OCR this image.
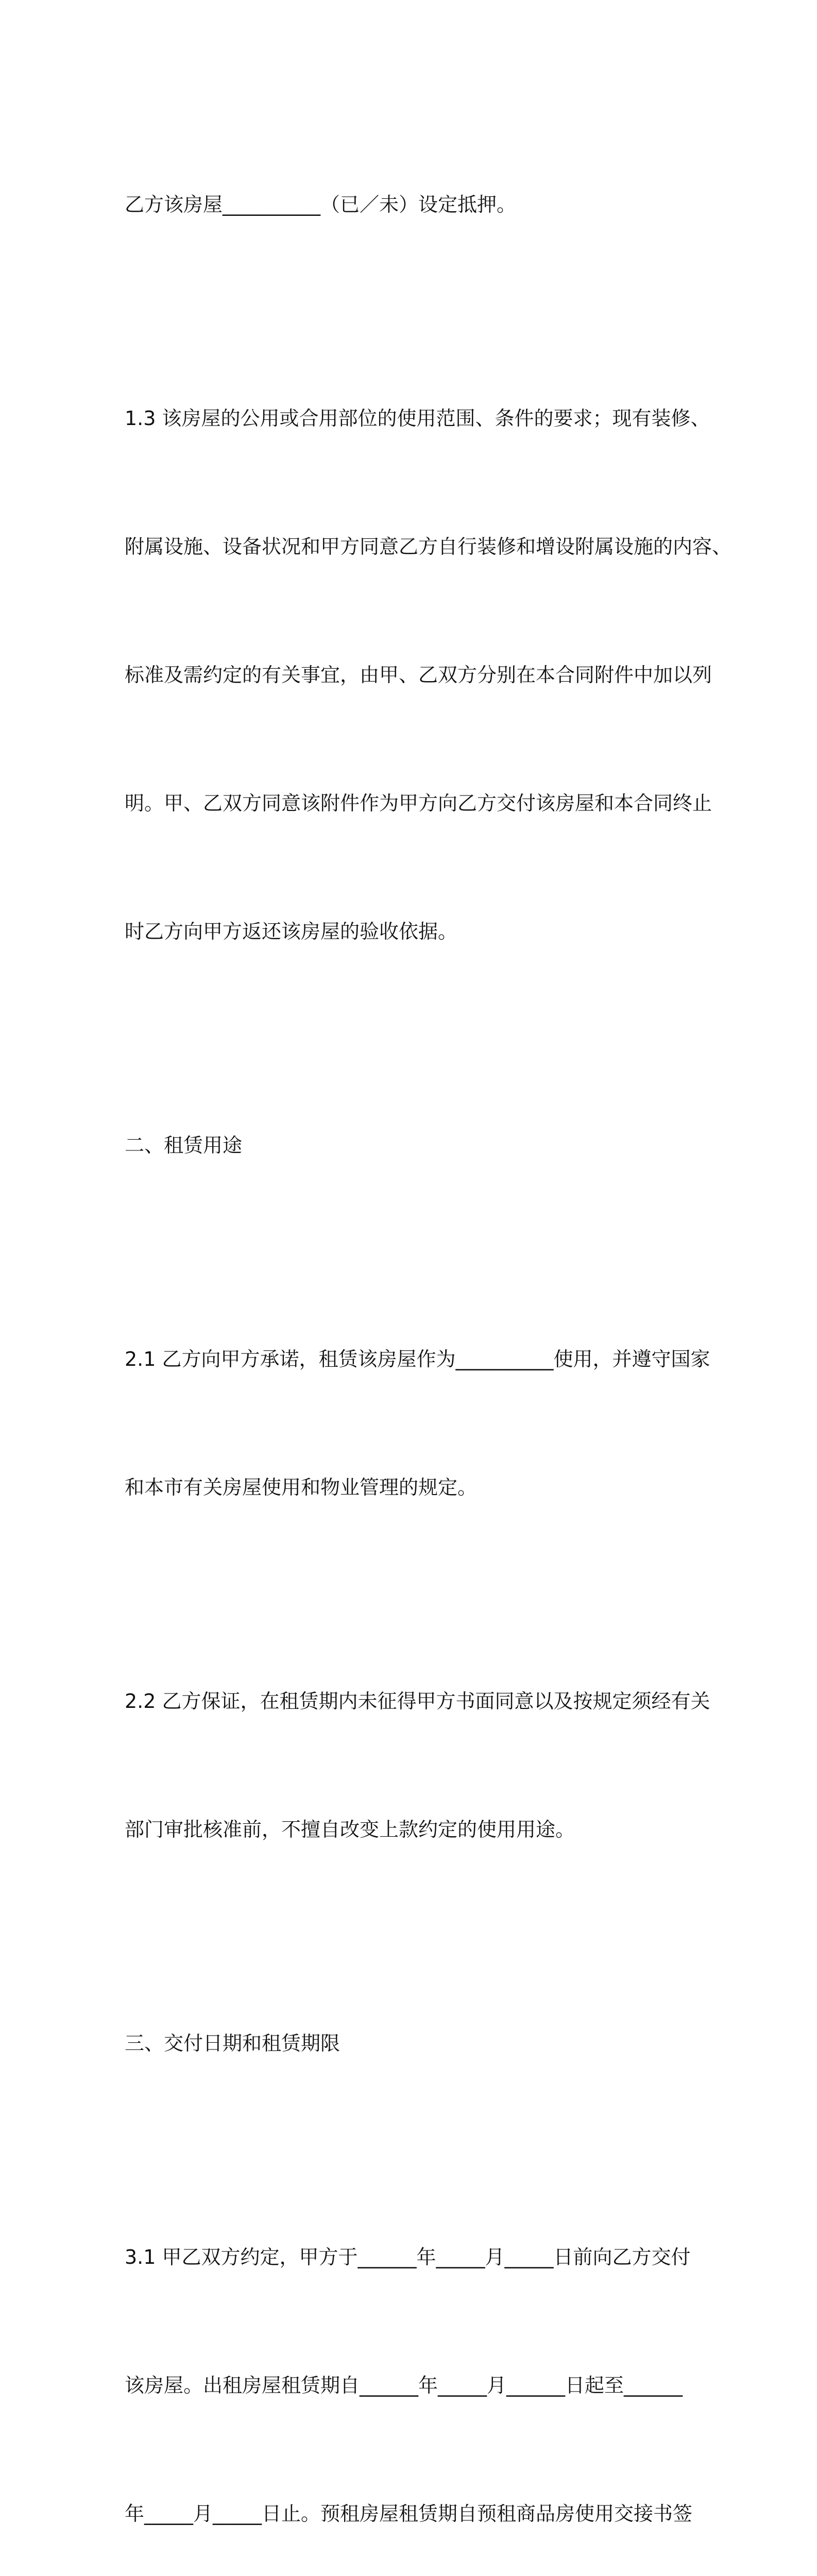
乙方该房屋__________（已／未）设定抵押。

1.3 该房屋的公用或合用部位的使用范围、条件的要求；现有装修、

附属设施、设备状况和甲方同意乙方自行装修和增设附属设施的内容、

标准及需约定的有关事宜，由甲、乙双方分别在本合同附件中加以列

明。甲、乙双方同意该附件作为甲方向乙方交付该房屋和本合同终止

时乙方向甲方返还该房屋的验收依据。

二、租赁用途

2.1 乙方向甲方承诺，租赁该房屋作为__________使用，并遵守国家

和本市有关房屋使用和物业管理的规定。

2.2 乙方保证，在租赁期内未征得甲方书面同意以及按规定须经有关

部门审批核准前，不擅自改变上款约定的使用用途。

三、交付日期和租赁期限

3.1 甲乙双方约定，甲方于______年_____月_____日前向乙方交付

该房屋。出租房屋租赁期自______年_____月______日起至______

年_____月_____日止。预租房屋租赁期自预租商品房使用交接书签
